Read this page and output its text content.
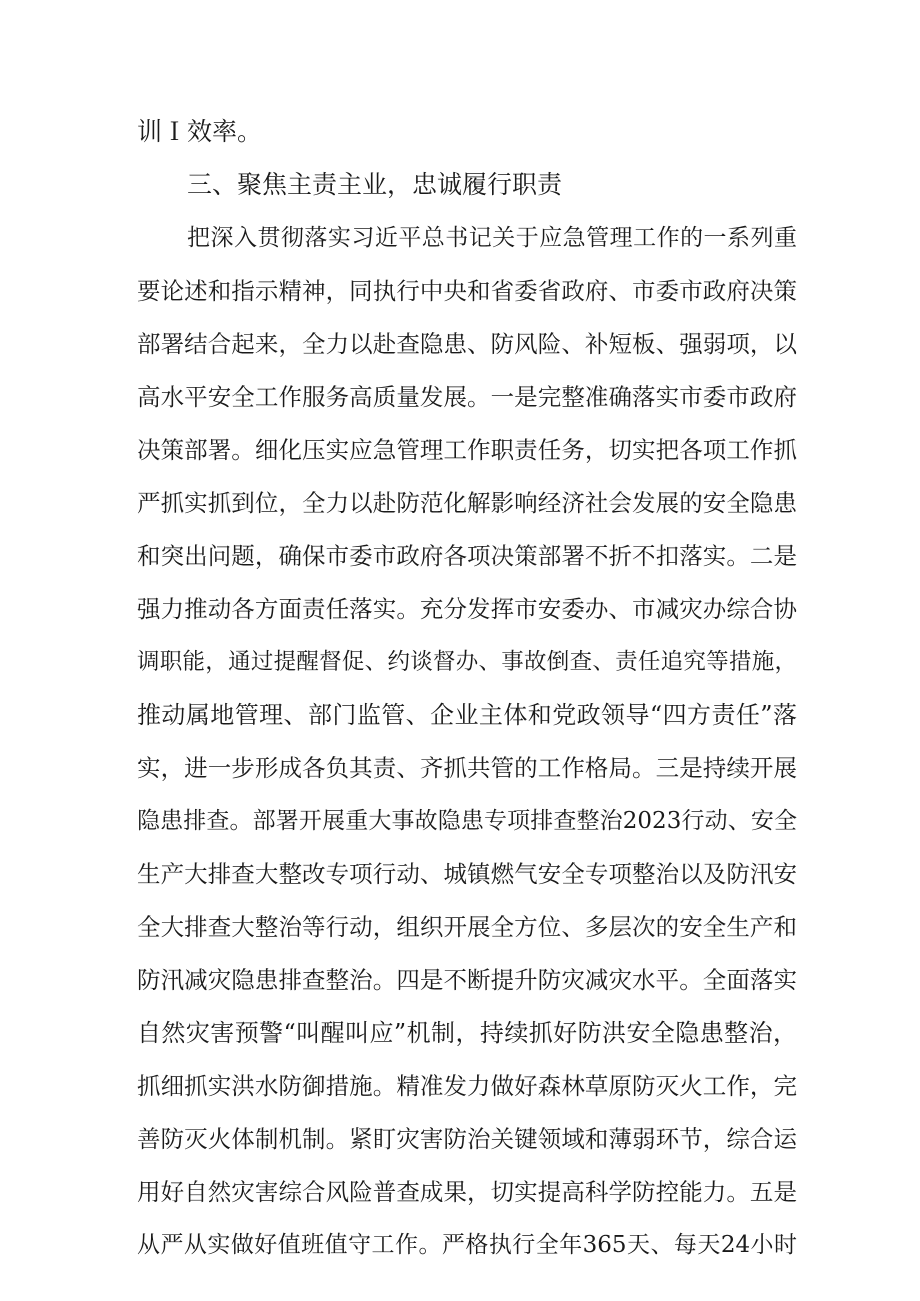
训Ｉ效率。
三、聚焦主责主业，忠诚履行职责
把深入贯彻落实习近平总书记关于应急管理工作的一系列重
要论述和指示精神，同执行中央和省委省政府、市委市政府决策
部署结合起来，全力以赴查隐患、防风险、补短板、强弱项，以
高水平安全工作服务高质量发展。一是完整准确落实市委市政府
决策部署。细化压实应急管理工作职责任务，切实把各项工作抓
严抓实抓到位，全力以赴防范化解影响经济社会发展的安全隐患
和突出问题，确保市委市政府各项决策部署不折不扣落实。二是
强力推动各方面责任落实。充分发挥市安委办、市减灾办综合协
调职能，通过提醒督促、约谈督办、事故倒查、责任追究等措施，
推动属地管理、部门监管、企业主体和党政领导“四方责任”落
实，进一步形成各负其责、齐抓共管的工作格局。三是持续开展
隐患排查。部署开展重大事故隐患专项排查整治2023行动、安全
生产大排查大整改专项行动、城镇燃气安全专项整治以及防汛安
全大排查大整治等行动，组织开展全方位、多层次的安全生产和
防汛减灾隐患排查整治。四是不断提升防灾减灾水平。全面落实
自然灾害预警“叫醒叫应”机制，持续抓好防洪安全隐患整治，
抓细抓实洪水防御措施。精准发力做好森林草原防灭火工作，完
善防灭火体制机制。紧盯灾害防治关键领域和薄弱环节，综合运
用好自然灾害综合风险普查成果，切实提高科学防控能力。五是
从严从实做好值班值守工作。严格执行全年365天、每天24小时
